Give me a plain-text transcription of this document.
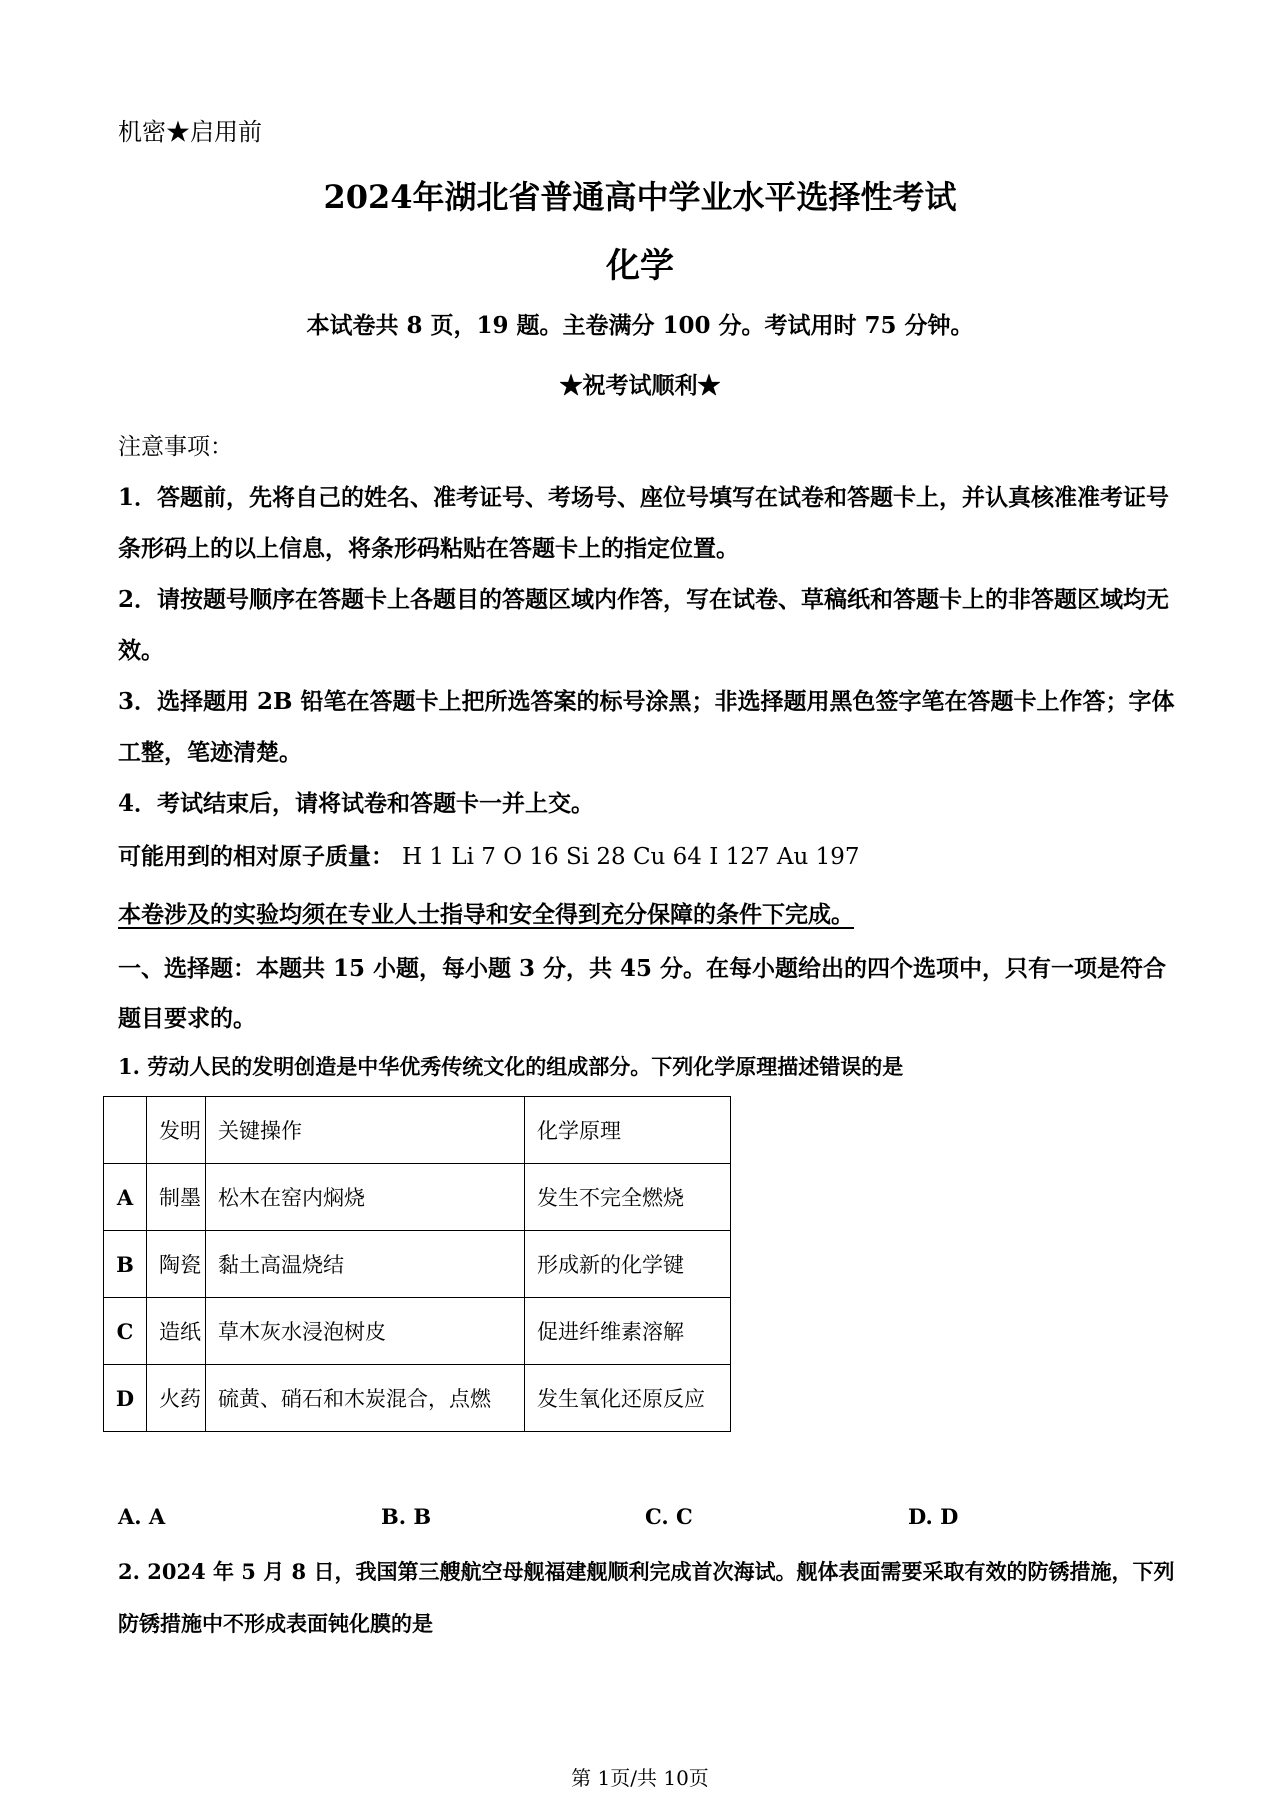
机密★启用前
2024年湖北省普通高中学业水平选择性考试
化学
本试卷共 8 页，19 题。主卷满分 100 分。考试用时 75 分钟。
★祝考试顺利★
注意事项：
1．答题前，先将自己的姓名、准考证号、考场号、座位号填写在试卷和答题卡上，并认真核准准考证号条形码上的以上信息，将条形码粘贴在答题卡上的指定位置。
2．请按题号顺序在答题卡上各题目的答题区域内作答，写在试卷、草稿纸和答题卡上的非答题区域均无效。
3．选择题用 2B 铅笔在答题卡上把所选答案的标号涂黑；非选择题用黑色签字笔在答题卡上作答；字体工整，笔迹清楚。
4．考试结束后，请将试卷和答题卡一并上交。
可能用到的相对原子质量： H 1 Li 7 O 16 Si 28 Cu 64 I 127 Au 197
本卷涉及的实验均须在专业人士指导和安全得到充分保障的条件下完成。
一、选择题：本题共 15 小题，每小题 3 分，共 45 分。在每小题给出的四个选项中，只有一项是符合题目要求的。
1. 劳动人民的发明创造是中华优秀传统文化的组成部分。下列化学原理描述错误的是
	发明	关键操作	化学原理
A	制墨	松木在窑内焖烧	发生不完全燃烧
B	陶瓷	黏土高温烧结	形成新的化学键
C	造纸	草木灰水浸泡树皮	促进纤维素溶解
D	火药	硫黄、硝石和木炭混合，点燃	发生氧化还原反应
A. A	B. B	C. C	D. D
2. 2024 年 5 月 8 日，我国第三艘航空母舰福建舰顺利完成首次海试。舰体表面需要采取有效的防锈措施，下列防锈措施中不形成表面钝化膜的是
第 1页/共 10页
